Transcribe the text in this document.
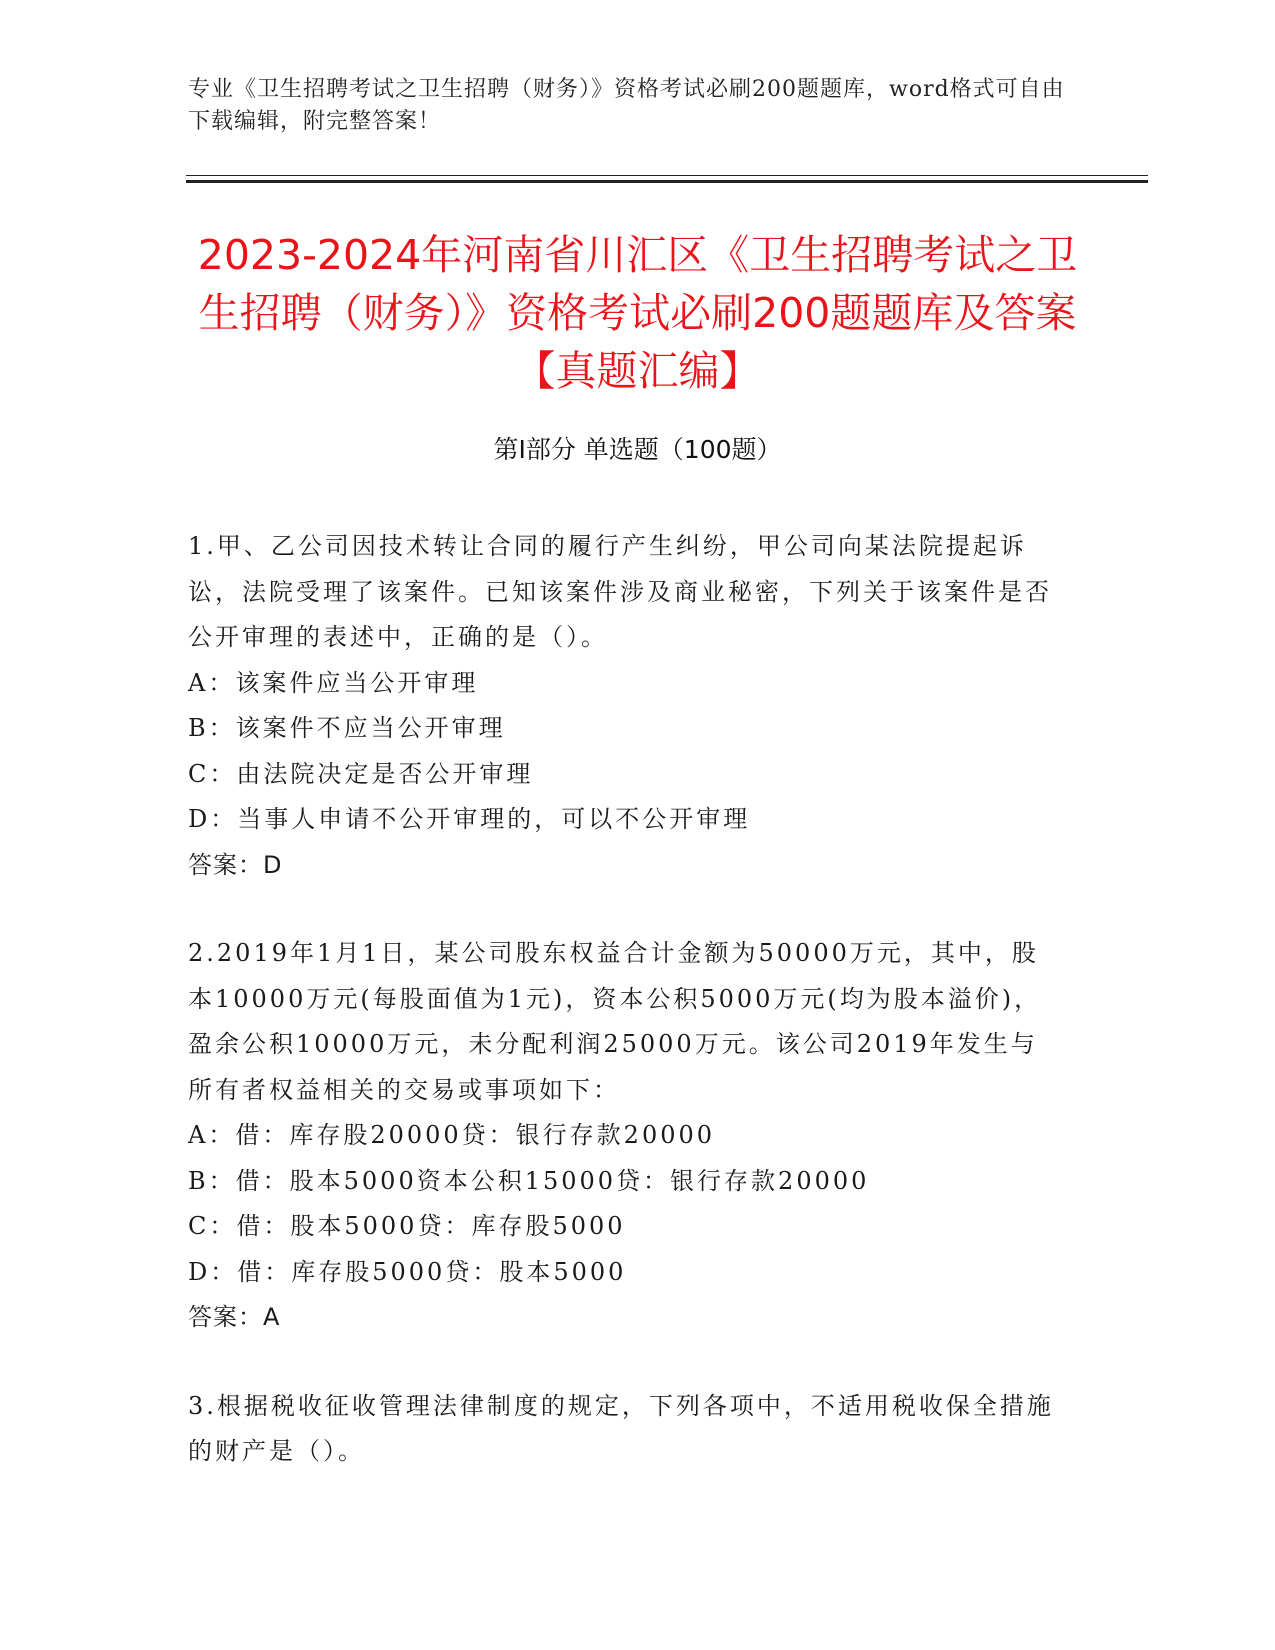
专业《卫生招聘考试之卫生招聘（财务）》资格考试必刷200题题库，word格式可自由下载编辑，附完整答案！
2023-2024年河南省川汇区《卫生招聘考试之卫生招聘（财务）》资格考试必刷200题题库及答案【真题汇编】
第Ⅰ部分 单选题（100题）

1.甲、乙公司因技术转让合同的履行产生纠纷，甲公司向某法院提起诉讼，法院受理了该案件。已知该案件涉及商业秘密，下列关于该案件是否公开审理的表述中，正确的是（）。

A：该案件应当公开审理

B：该案件不应当公开审理

C：由法院决定是否公开审理

D：当事人申请不公开审理的，可以不公开审理

答案：D

2.2019年1月1日，某公司股东权益合计金额为50000万元，其中，股本10000万元(每股面值为1元)，资本公积5000万元(均为股本溢价)，盈余公积10000万元，未分配利润25000万元。该公司2019年发生与所有者权益相关的交易或事项如下：

A：借：库存股20000贷：银行存款20000

B：借：股本5000资本公积15000贷：银行存款20000

C：借：股本5000贷：库存股5000

D：借：库存股5000贷：股本5000

答案：A

3.根据税收征收管理法律制度的规定，下列各项中，不适用税收保全措施的财产是（）。
